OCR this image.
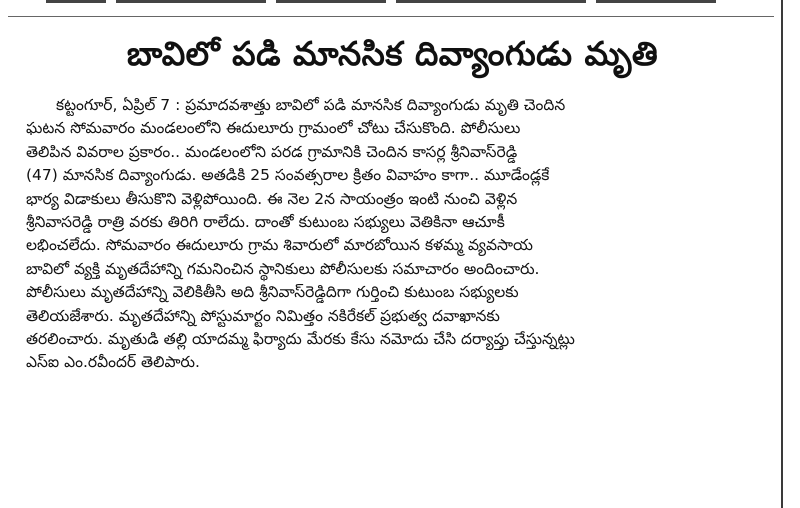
బావిలో పడి మానసిక దివ్యాంగుడు మృతి
కట్టంగూర్, ఏప్రిల్ 7 : ప్రమాదవశాత్తు బావిలో పడి మానసిక దివ్యాంగుడు మృతి చెందిన
ఘటన సోమవారం మండలంలోని ఈదులూరు గ్రామంలో చోటు చేసుకొంది. పోలీసులు
తెలిపిన వివరాల ప్రకారం.. మండలంలోని పరడ గ్రామానికి చెందిన కాసర్ల శ్రీనివాస్‌రెడ్డి
(47) మానసిక దివ్యాంగుడు. అతడికి 25 సంవత్సరాల క్రితం వివాహం కాగా.. మూడేండ్లకే
భార్య విడాకులు తీసుకొని వెళ్లిపోయింది. ఈ నెల 2న సాయంత్రం ఇంటి నుంచి వెళ్లిన
శ్రీనివాసరెడ్డి రాత్రి వరకు తిరిగి రాలేదు. దాంతో కుటుంబ సభ్యులు వెతికినా ఆచూకీ
లభించలేదు. సోమవారం ఈదులూరు గ్రామ శివారులో మారబోయిన కళమ్మ వ్యవసాయ
బావిలో వ్యక్తి మృతదేహాన్ని గమనించిన స్థానికులు పోలీసులకు సమాచారం అందించారు.
పోలీసులు మృతదేహాన్ని వెలికితీసి అది శ్రీనివాస్‌రెడ్డిదిగా గుర్తించి కుటుంబ సభ్యులకు
తెలియజేశారు. మృతదేహాన్ని పోస్టుమార్టం నిమిత్తం నకిరేకల్ ప్రభుత్వ దవాఖానకు
తరలించారు. మృతుడి తల్లి యాదమ్మ ఫిర్యాదు మేరకు కేసు నమోదు చేసి దర్యాప్తు చేస్తున్నట్లు
ఎస్ఐ ఎం.రవీందర్ తెలిపారు.
